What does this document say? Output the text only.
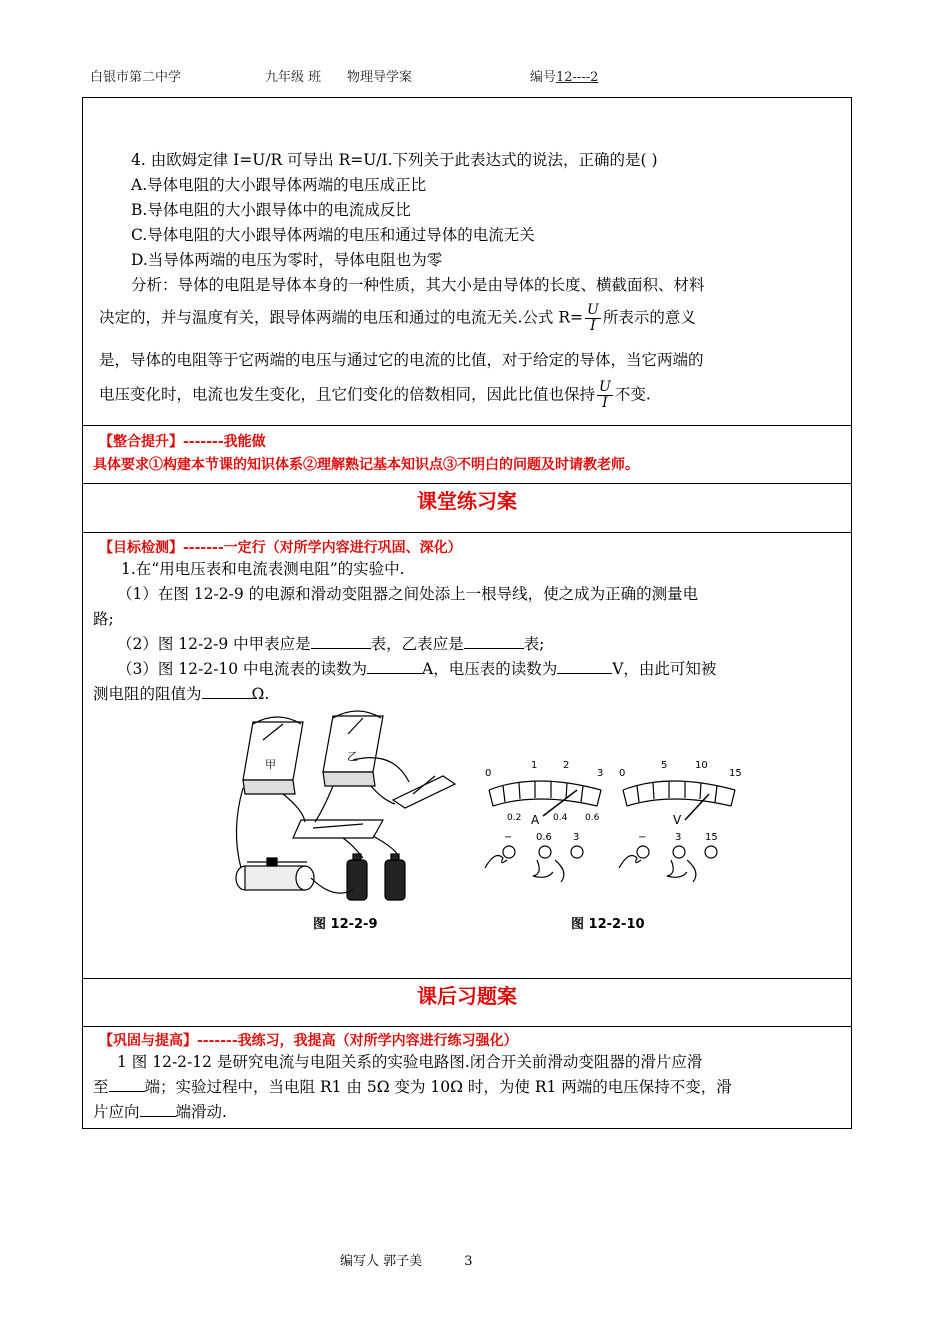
白银市第二中学	九年级 班 物理导学案	编号12----2
4. 由欧姆定律 I=U/R 可导出 R=U/I.下列关于此表达式的说法，正确的是( )
A.导体电阻的大小跟导体两端的电压成正比
B.导体电阻的大小跟导体中的电流成反比
C.导体电阻的大小跟导体两端的电压和通过导体的电流无关
D.当导体两端的电压为零时，导体电阻也为零
分析：导体的电阻是导体本身的一种性质，其大小是由导体的长度、横截面积、材料
决定的，并与温度有关，跟导体两端的电压和通过的电流无关.公式 $R= \frac{U}{I}$ 所表示的意义
是，导体的电阻等于它两端的电压与通过它的电流的比值，对于给定的导体，当它两端的
电压变化时，电流也发生变化，且它们变化的倍数相同，因此比值也保持 $\frac{U}{I}$ 不变.
【整合提升】-------我能做
具体要求①构建本节课的知识体系②理解熟记基本知识点③不明白的问题及时请教老师。
课堂练习案
【目标检测】-------一定行（对所学内容进行巩固、深化）
1.在“用电压表和电流表测电阻”的实验中.
（1）在图 12-2-9 的电源和滑动变阻器之间处添上一根导线，使之成为正确的测量电
路;
（2）图 12-2-9 中甲表应是	表，乙表应是	表;
（3）图 12-2-10 中电流表的读数为	A，电压表的读数为	V，由此可知被
测电阻的阻值为	Ω.
甲
乙
0
1	2
3
0.2 A 0.4 0.6
0
5	10
15
V
− 0.6 3	−	3 15
图 12-2-9	图 12-2-10
课后习题案
【巩固与提高】-------我练习，我提高（对所学内容进行练习强化）
1 图 12-2-12 是研究电流与电阻关系的实验电路图.闭合开关前滑动变阻器的滑片应滑
至 端；实验过程中，当电阻 R1 由 5Ω 变为 10Ω 时，为使 R1 两端的电压保持不变，滑
片应向 端滑动.
编写人 郭子美	3
